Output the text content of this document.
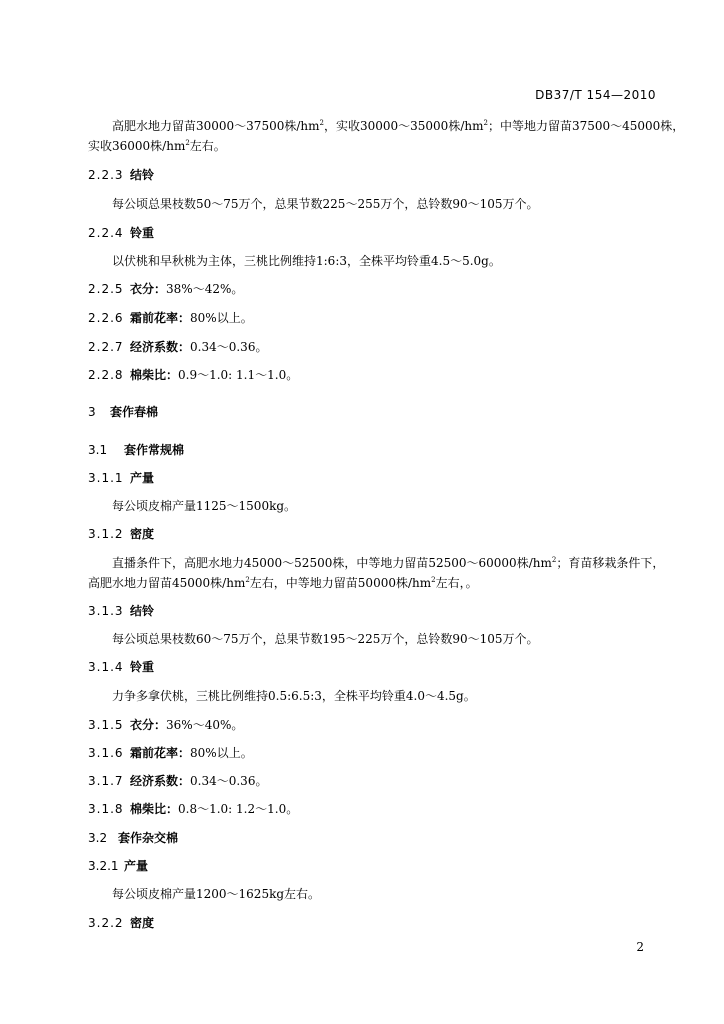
DB37/T 154—2010
高肥水地力留苗30000～37500株$/hm^2$，实收30000～35000株$/hm^2$；中等地力留苗37500～45000株，
实收36000株$/hm^2$左右。
2.2.3 结铃
每公顷总果枝数50～75万个，总果节数225～255万个，总铃数90～105万个。
2.2.4 铃重
以伏桃和早秋桃为主体，三桃比例维持1:6:3，全株平均铃重4.5～5.0g。
2.2.5 衣分：38%～42%。
2.2.6 霜前花率：80%以上。
2.2.7 经济系数：0.34～0.36。
2.2.8 棉柴比：0.9～1.0: 1.1～1.0。
3 套作春棉
3.1 套作常规棉
3.1.1 产量
每公顷皮棉产量1125～1500kg。
3.1.2 密度
直播条件下，高肥水地力45000～52500株，中等地力留苗52500～60000株$/hm^2$；育苗移栽条件下，
高肥水地力留苗45000株$/hm^2$左右，中等地力留苗50000株$/hm^2$左右，。
3.1.3 结铃
每公顷总果枝数60～75万个，总果节数195～225万个，总铃数90～105万个。
3.1.4 铃重
力争多拿伏桃，三桃比例维持0.5:6.5:3，全株平均铃重4.0～4.5g。
3.1.5 衣分：36%～40%。
3.1.6 霜前花率：80%以上。
3.1.7 经济系数：0.34～0.36。
3.1.8 棉柴比：0.8～1.0: 1.2～1.0。
3.2 套作杂交棉
3.2.1 产量
每公顷皮棉产量1200～1625kg左右。
3.2.2 密度
2
